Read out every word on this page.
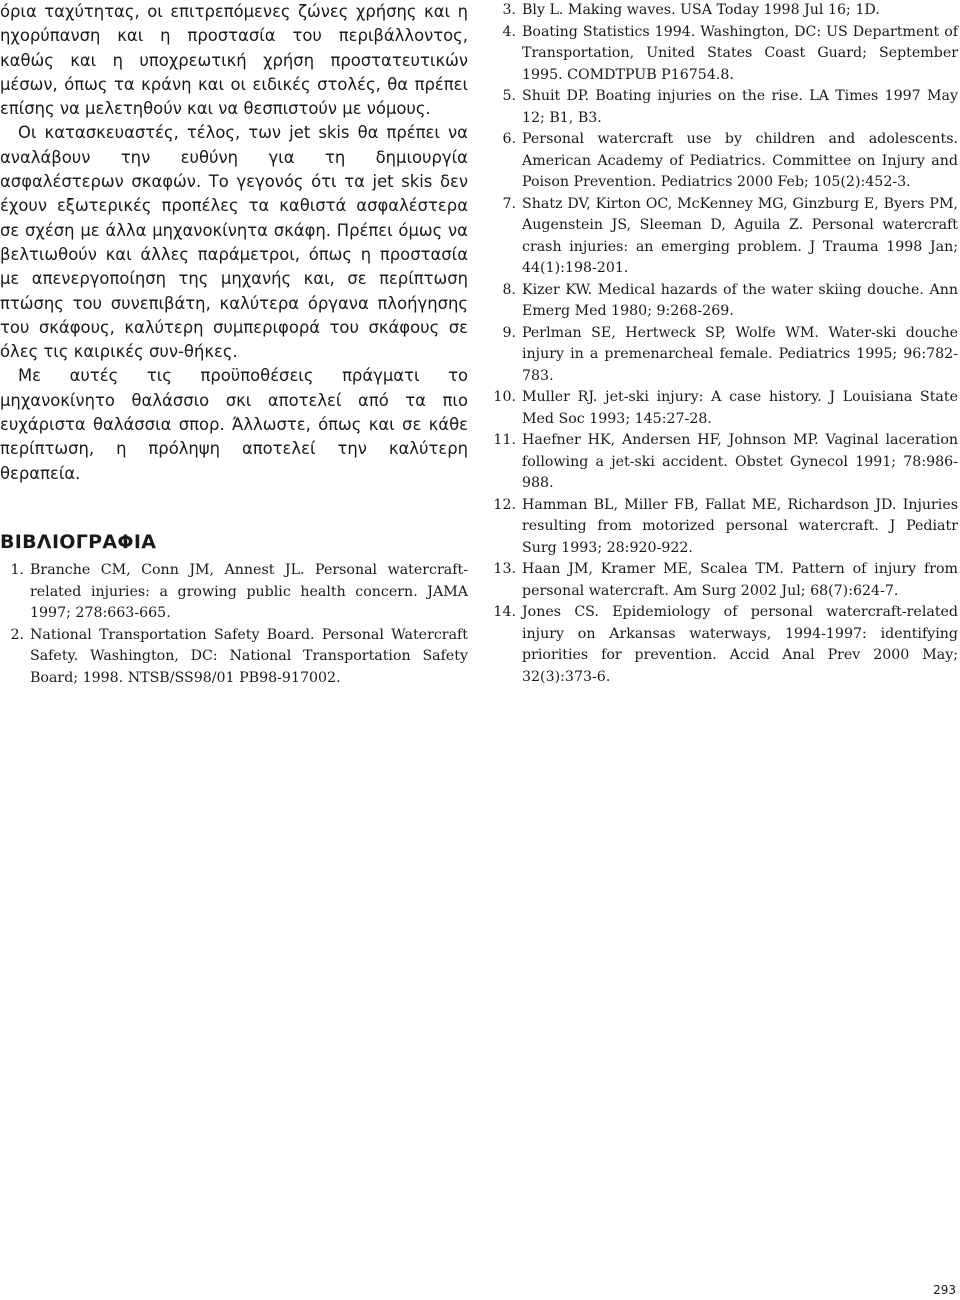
όρια ταχύτητας, οι επιτρεπόμενες ζώνες χρήσης και η ηχορύπανση και η προστασία του περιβάλλοντος, καθώς και η υποχρεωτική χρήση προστατευτικών μέσων, όπως τα κράνη και οι ειδικές στολές, θα πρέπει επίσης να μελετηθούν και να θεσπιστούν με νόμους.

Οι κατασκευαστές, τέλος, των jet skis θα πρέπει να αναλάβουν την ευθύνη για τη δημιουργία ασφαλέστερων σκαφών. Το γεγονός ότι τα jet skis δεν έχουν εξωτερικές προπέλες τα καθιστά ασφαλέστερα σε σχέση με άλλα μηχανοκίνητα σκάφη. Πρέπει όμως να βελτιωθούν και άλλες παράμετροι, όπως η προστασία με απενεργοποίηση της μηχανής και, σε περίπτωση πτώσης του συνεπιβάτη, καλύτερα όργανα πλοήγησης του σκάφους, καλύτερη συμπεριφορά του σκάφους σε όλες τις καιρικές συν-θήκες.

Με αυτές τις προϋποθέσεις πράγματι το μηχανοκίνητο θαλάσσιο σκι αποτελεί από τα πιο ευχάριστα θαλάσσια σπορ. Άλλωστε, όπως και σε κάθε περίπτωση, η πρόληψη αποτελεί την καλύτερη θεραπεία.

ΒΙΒΛΙΟΓΡΑΦΙΑ
1. Branche CM, Conn JM, Annest JL. Personal watercraft-related injuries: a growing public health concern. JAMA 1997; 278:663-665.
2. National Transportation Safety Board. Personal Watercraft Safety. Washington, DC: National Transportation Safety Board; 1998. NTSB/SS98/01 PB98-917002.
3. Bly L. Making waves. USA Today 1998 Jul 16; 1D.
4. Boating Statistics 1994. Washington, DC: US Department of Transportation, United States Coast Guard; September 1995. COMDTPUB P16754.8.
5. Shuit DP. Boating injuries on the rise. LA Times 1997 May 12; B1, B3.
6. Personal watercraft use by children and adolescents. American Academy of Pediatrics. Committee on Injury and Poison Prevention. Pediatrics 2000 Feb; 105(2):452-3.
7. Shatz DV, Kirton OC, McKenney MG, Ginzburg E, Byers PM, Augenstein JS, Sleeman D, Aguila Z. Personal watercraft crash injuries: an emerging problem. J Trauma 1998 Jan; 44(1):198-201.
8. Kizer KW. Medical hazards of the water skiing douche. Ann Emerg Med 1980; 9:268-269.
9. Perlman SE, Hertweck SP, Wolfe WM. Water-ski douche injury in a premenarcheal female. Pediatrics 1995; 96:782-783.
10. Muller RJ. jet-ski injury: A case history. J Louisiana State Med Soc 1993; 145:27-28.
11. Haefner HK, Andersen HF, Johnson MP. Vaginal laceration following a jet-ski accident. Obstet Gynecol 1991; 78:986-988.
12. Hamman BL, Miller FB, Fallat ME, Richardson JD. Injuries resulting from motorized personal watercraft. J Pediatr Surg 1993; 28:920-922.
13. Haan JM, Kramer ME, Scalea TM. Pattern of injury from personal watercraft. Am Surg 2002 Jul; 68(7):624-7.
14. Jones CS. Epidemiology of personal watercraft-related injury on Arkansas waterways, 1994-1997: identifying priorities for prevention. Accid Anal Prev 2000 May; 32(3):373-6.
293
